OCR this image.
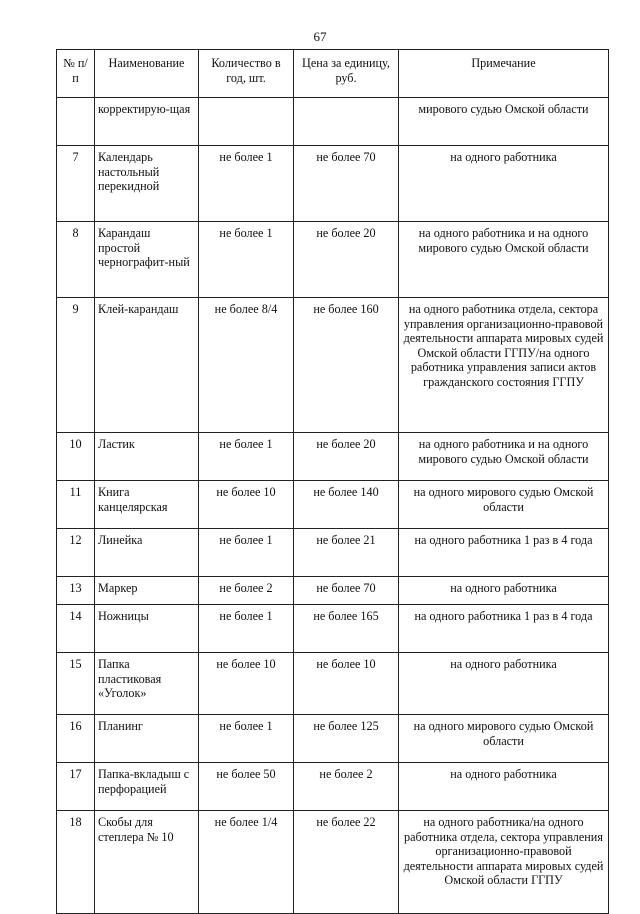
67
№ п/п	Наименование	Количество в год, шт.	Цена за единицу, руб.	Примечание
	корректирую-щая			мирового судью Омской области
7	Календарь настольный перекидной	не более 1	не более 70	на одного работника
8	Карандаш простой чернографит-ный	не более 1	не более 20	на одного работника и на одного мирового судью Омской области
9	Клей-карандаш	не более 8/4	не более 160	на одного работника отдела, сектора управления организационно-правовой деятельности аппарата мировых судей Омской области ГГПУ/на одного работника управления записи актов гражданского состояния ГГПУ
10	Ластик	не более 1	не более 20	на одного работника и на одного мирового судью Омской области
11	Книга канцелярская	не более 10	не более 140	на одного мирового судью Омской области
12	Линейка	не более 1	не более 21	на одного работника 1 раз в 4 года
13	Маркер	не более 2	не более 70	на одного работника
14	Ножницы	не более 1	не более 165	на одного работника 1 раз в 4 года
15	Папка пластиковая «Уголок»	не более 10	не более 10	на одного работника
16	Планинг	не более 1	не более 125	на одного мирового судью Омской области
17	Папка-вкладыш с перфорацией	не более 50	не более 2	на одного работника
18	Скобы для степлера № 10	не более 1/4	не более 22	на одного работника/на одного работника отдела, сектора управления организационно-правовой деятельности аппарата мировых судей Омской области ГГПУ
